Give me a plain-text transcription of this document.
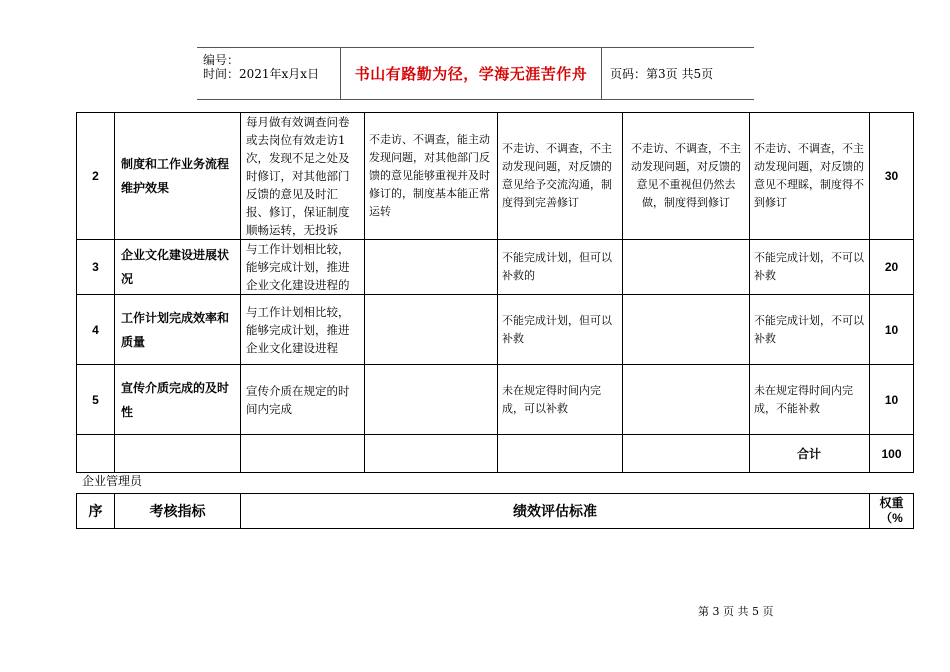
编号：
时间：2021年x月x日	书山有路勤为径，学海无涯苦作舟	页码：第3页 共5页
2	制度和工作业务流程维护效果	每月做有效调查问卷或去岗位有效走访1次，发现不足之处及时修订，对其他部门反馈的意见及时汇报、修订，保证制度顺畅运转，无投诉	不走访、不调查，能主动发现问题，对其他部门反馈的意见能够重视并及时修订的，制度基本能正常运转	不走访、不调查，不主动发现问题，对反馈的意见给予交流沟通，制度得到完善修订	不走访、不调查，不主动发现问题，对反馈的意见不重视但仍然去做，制度得到修订	不走访、不调查，不主动发现问题，对反馈的意见不理睬，制度得不到修订	30
3	企业文化建设进展状况	与工作计划相比较，能够完成计划，推进企业文化建设进程的		不能完成计划，但可以补救的		不能完成计划，不可以补救	20
4	工作计划完成效率和质量	与工作计划相比较，能够完成计划，推进企业文化建设进程		不能完成计划，但可以补救		不能完成计划，不可以补救	10
5	宣传介质完成的及时性	宣传介质在规定的时间内完成		未在规定得时间内完成，可以补救		未在规定得时间内完成，不能补救	10
						合计	100
企业管理员
序	考核指标	绩效评估标准	权重
（%
第 3 页 共 5 页
